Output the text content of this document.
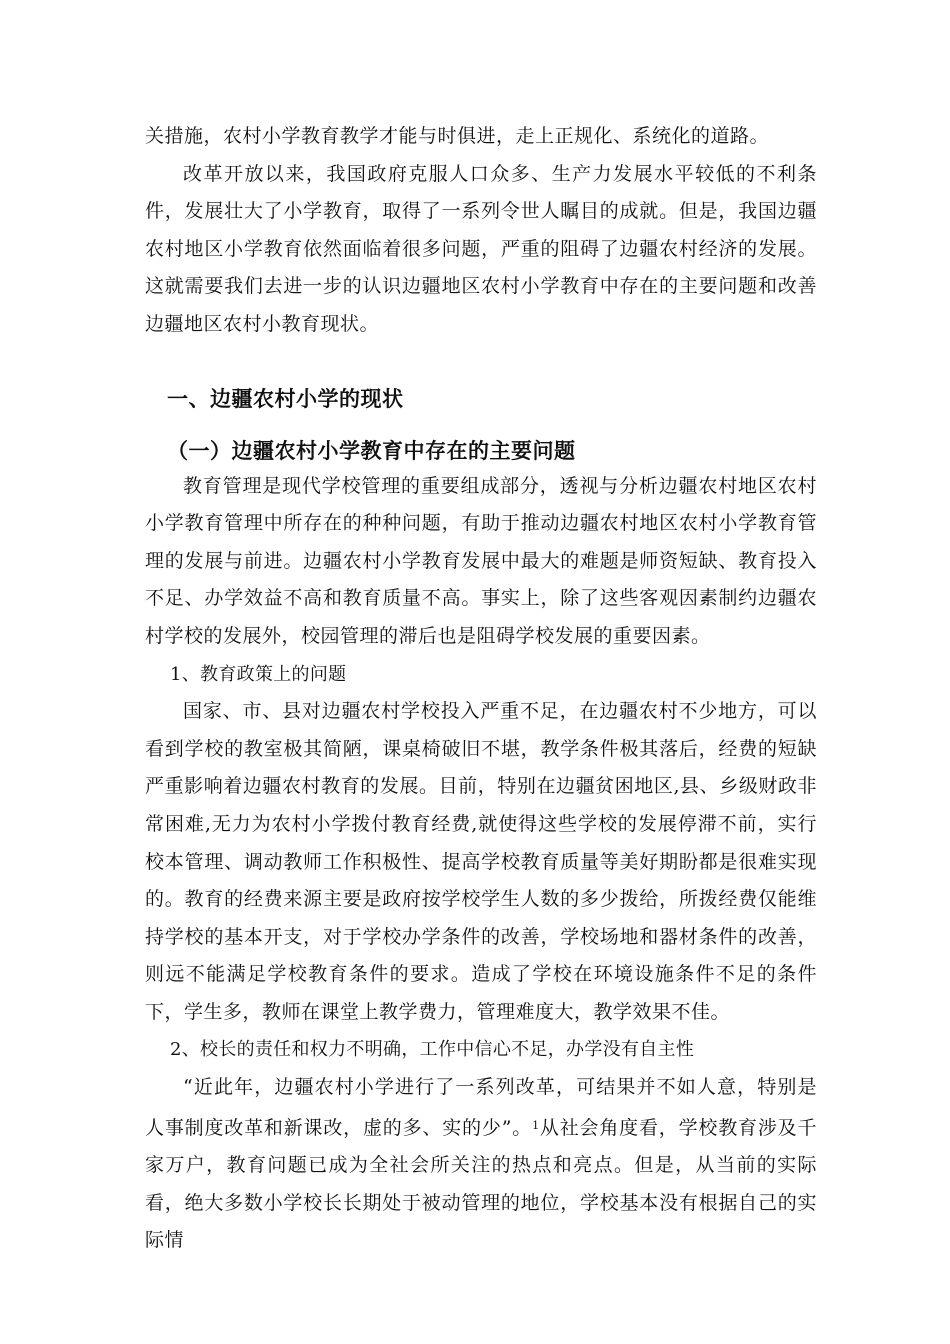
关措施，农村小学教育教学才能与时俱进，走上正规化、系统化的道路。

改革开放以来，我国政府克服人口众多、生产力发展水平较低的不利条件，发展壮大了小学教育，取得了一系列令世人瞩目的成就。但是，我国边疆农村地区小学教育依然面临着很多问题，严重的阻碍了边疆农村经济的发展。这就需要我们去进一步的认识边疆地区农村小学教育中存在的主要问题和改善边疆地区农村小教育现状。

一、边疆农村小学的现状
（一）边疆农村小学教育中存在的主要问题

教育管理是现代学校管理的重要组成部分，透视与分析边疆农村地区农村小学教育管理中所存在的种种问题，有助于推动边疆农村地区农村小学教育管理的发展与前进。边疆农村小学教育发展中最大的难题是师资短缺、教育投入不足、办学效益不高和教育质量不高。事实上，除了这些客观因素制约边疆农村学校的发展外，校园管理的滞后也是阻碍学校发展的重要因素。

1、教育政策上的问题

国家、市、县对边疆农村学校投入严重不足，在边疆农村不少地方，可以看到学校的教室极其简陋，课桌椅破旧不堪，教学条件极其落后，经费的短缺严重影响着边疆农村教育的发展。目前，特别在边疆贫困地区,县、乡级财政非常困难,无力为农村小学拨付教育经费,就使得这些学校的发展停滞不前，实行校本管理、调动教师工作积极性、提高学校教育质量等美好期盼都是很难实现的。教育的经费来源主要是政府按学校学生人数的多少拨给，所拨经费仅能维持学校的基本开支，对于学校办学条件的改善，学校场地和器材条件的改善，则远不能满足学校教育条件的要求。造成了学校在环境设施条件不足的条件下，学生多，教师在课堂上教学费力，管理难度大，教学效果不佳。

2、校长的责任和权力不明确，工作中信心不足，办学没有自主性

“近此年，边疆农村小学进行了一系列改革，可结果并不如人意，特别是人事制度改革和新课改，虚的多、实的少”。$^1$从社会角度看，学校教育涉及千家万户，教育问题已成为全社会所关注的热点和亮点。但是，从当前的实际看，绝大多数小学校长长期处于被动管理的地位，学校基本没有根据自己的实际情
